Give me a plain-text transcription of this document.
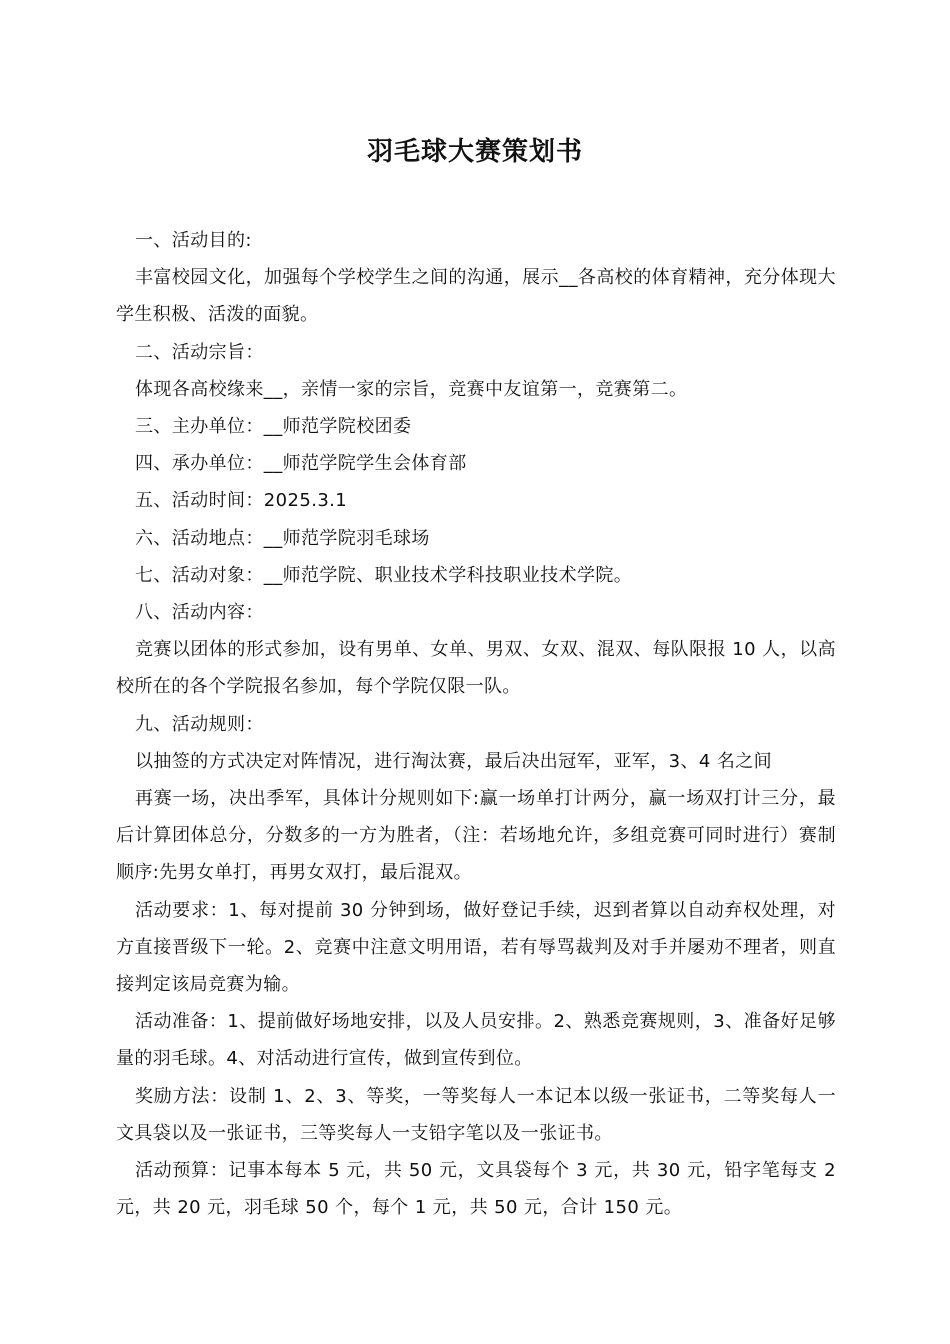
羽毛球大赛策划书

一、活动目的:

丰富校园文化，加强每个学校学生之间的沟通，展示__各高校的体育精神，充分体现大学生积极、活泼的面貌。

二、活动宗旨：

体现各高校缘来__，亲情一家的宗旨，竞赛中友谊第一，竞赛第二。

三、主办单位：__师范学院校团委

四、承办单位：__师范学院学生会体育部

五、活动时间：2025.3.1

六、活动地点：__师范学院羽毛球场

七、活动对象：__师范学院、职业技术学科技职业技术学院。

八、活动内容：

竞赛以团体的形式参加，设有男单、女单、男双、女双、混双、每队限报 10 人，以高校所在的各个学院报名参加，每个学院仅限一队。

九、活动规则：

以抽签的方式决定对阵情况，进行淘汰赛，最后决出冠军，亚军，3、4 名之间

再赛一场，决出季军，具体计分规则如下:赢一场单打计两分，赢一场双打计三分，最后计算团体总分，分数多的一方为胜者，（注：若场地允许，多组竞赛可同时进行）赛制顺序:先男女单打，再男女双打，最后混双。

活动要求：1、每对提前 30 分钟到场，做好登记手续，迟到者算以自动弃权处理，对方直接晋级下一轮。2、竞赛中注意文明用语，若有辱骂裁判及对手并屡劝不理者，则直接判定该局竞赛为输。

活动准备：1、提前做好场地安排，以及人员安排。2、熟悉竞赛规则，3、准备好足够量的羽毛球。4、对活动进行宣传，做到宣传到位。

奖励方法：设制 1、2、3、等奖，一等奖每人一本记本以级一张证书，二等奖每人一文具袋以及一张证书，三等奖每人一支铅字笔以及一张证书。

活动预算：记事本每本 5 元，共 50 元，文具袋每个 3 元，共 30 元，铅字笔每支 2 元，共 20 元，羽毛球 50 个，每个 1 元，共 50 元，合计 150 元。
